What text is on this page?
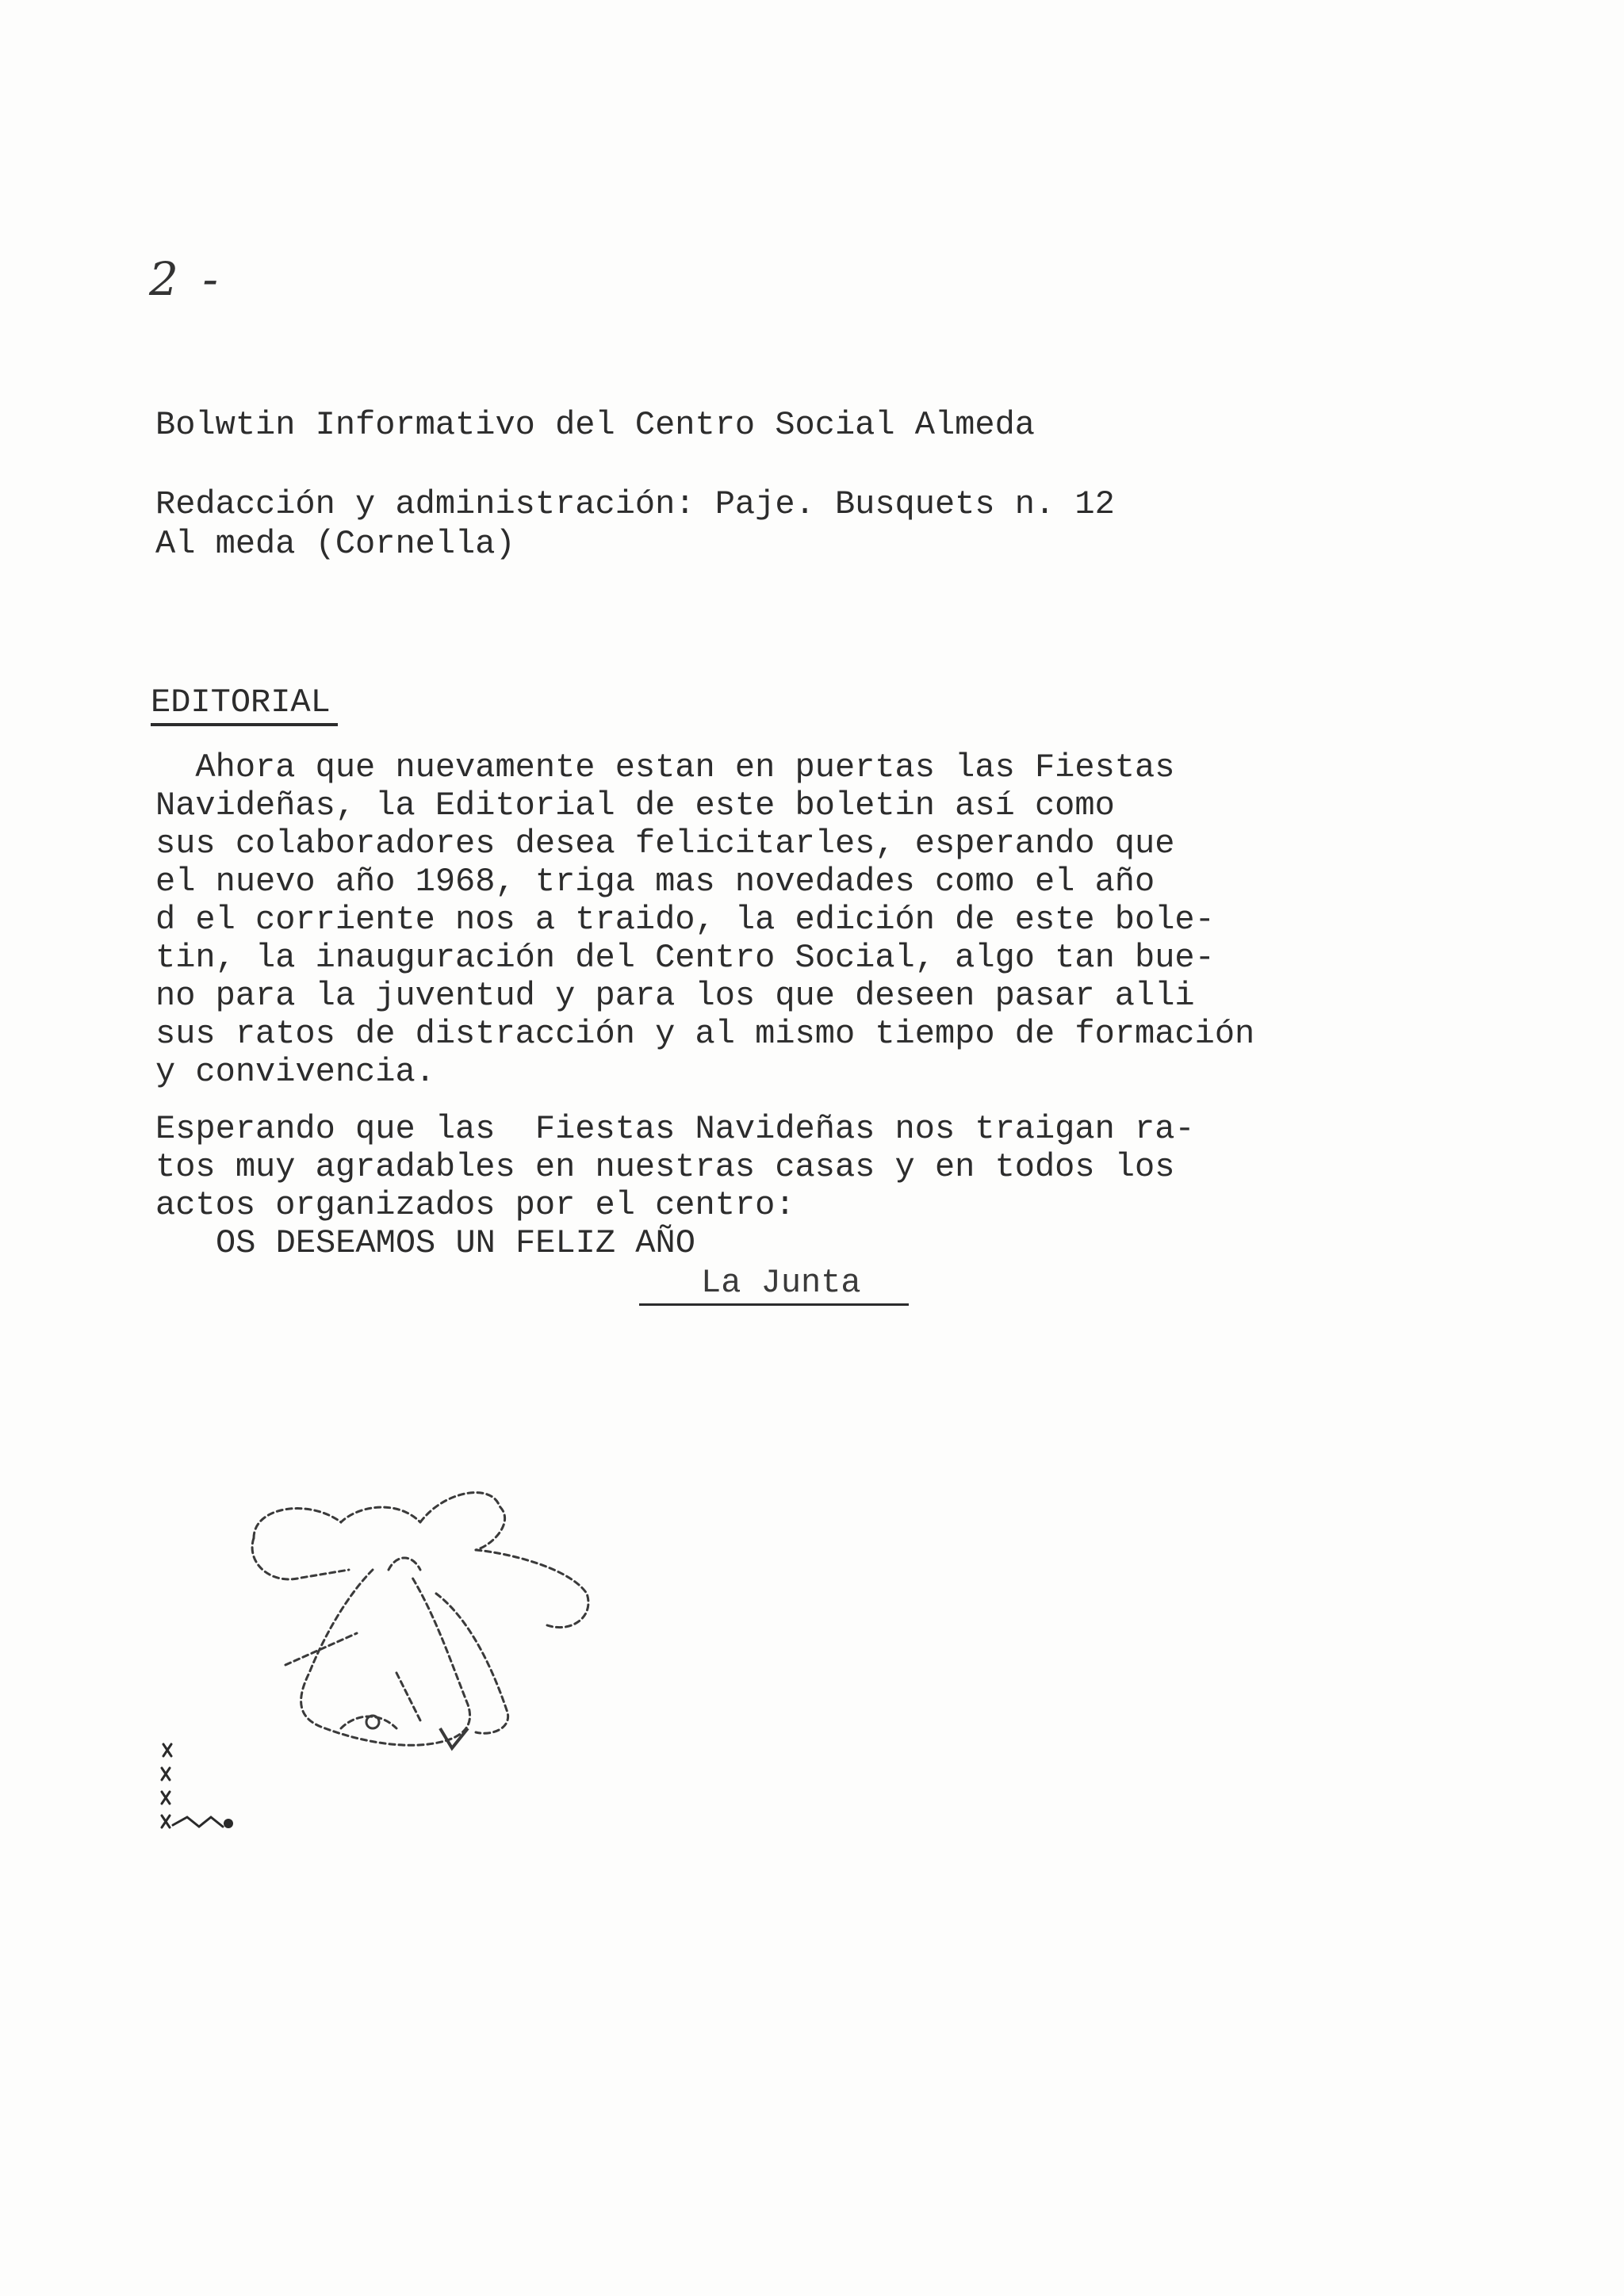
2 -
Bolwtin Informativo del Centro Social Almeda
Redacción y administración: Paje. Busquets n. 12
Al meda (Cornella)
EDITORIAL
Ahora que nuevamente estan en puertas las Fiestas
Navideñas, la Editorial de este boletin así como
sus colaboradores desea felicitarles, esperando que
el nuevo año 1968, triga mas novedades como el año
d el corriente nos a traido, la edición de este bole-
tin, la inauguración del Centro Social, algo tan bue-
no para la juventud y para los que deseen pasar alli
sus ratos de distracción y al mismo tiempo de formación
y convivencia.
Esperando que las  Fiestas Navideñas nos traigan ra-
tos muy agradables en nuestras casas y en todos los
actos organizados por el centro:
OS DESEAMOS UN FELIZ AÑO
La Junta
